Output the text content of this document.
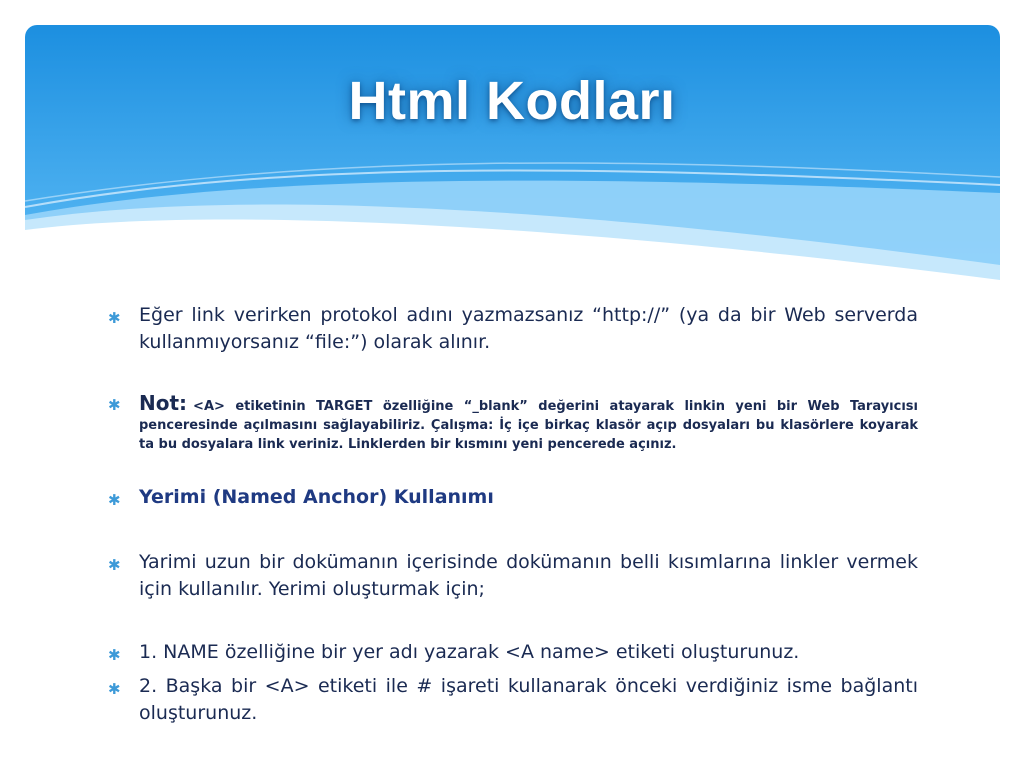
Html Kodları
✱ Eğer link verirken protokol adını yazmazsanız “http://” (ya da bir Web serverda kullanmıyorsanız “file:”) olarak alınır.
✱ Not: <A> etiketinin TARGET özelliğine “_blank” değerini atayarak linkin yeni bir Web Tarayıcısı penceresinde açılmasını sağlayabiliriz. Çalışma: İç içe birkaç klasör açıp dosyaları bu klasörlere koyarak ta bu dosyalara link veriniz. Linklerden bir kısmını yeni pencerede açınız.
✱ Yerimi (Named Anchor) Kullanımı
✱ Yarimi uzun bir dokümanın içerisinde dokümanın belli kısımlarına linkler vermek için kullanılır. Yerimi oluşturmak için;
✱ 1. NAME özelliğine bir yer adı yazarak <A name> etiketi oluşturunuz.
✱ 2. Başka bir <A> etiketi ile # işareti kullanarak önceki verdiğiniz isme bağlantı oluşturunuz.
